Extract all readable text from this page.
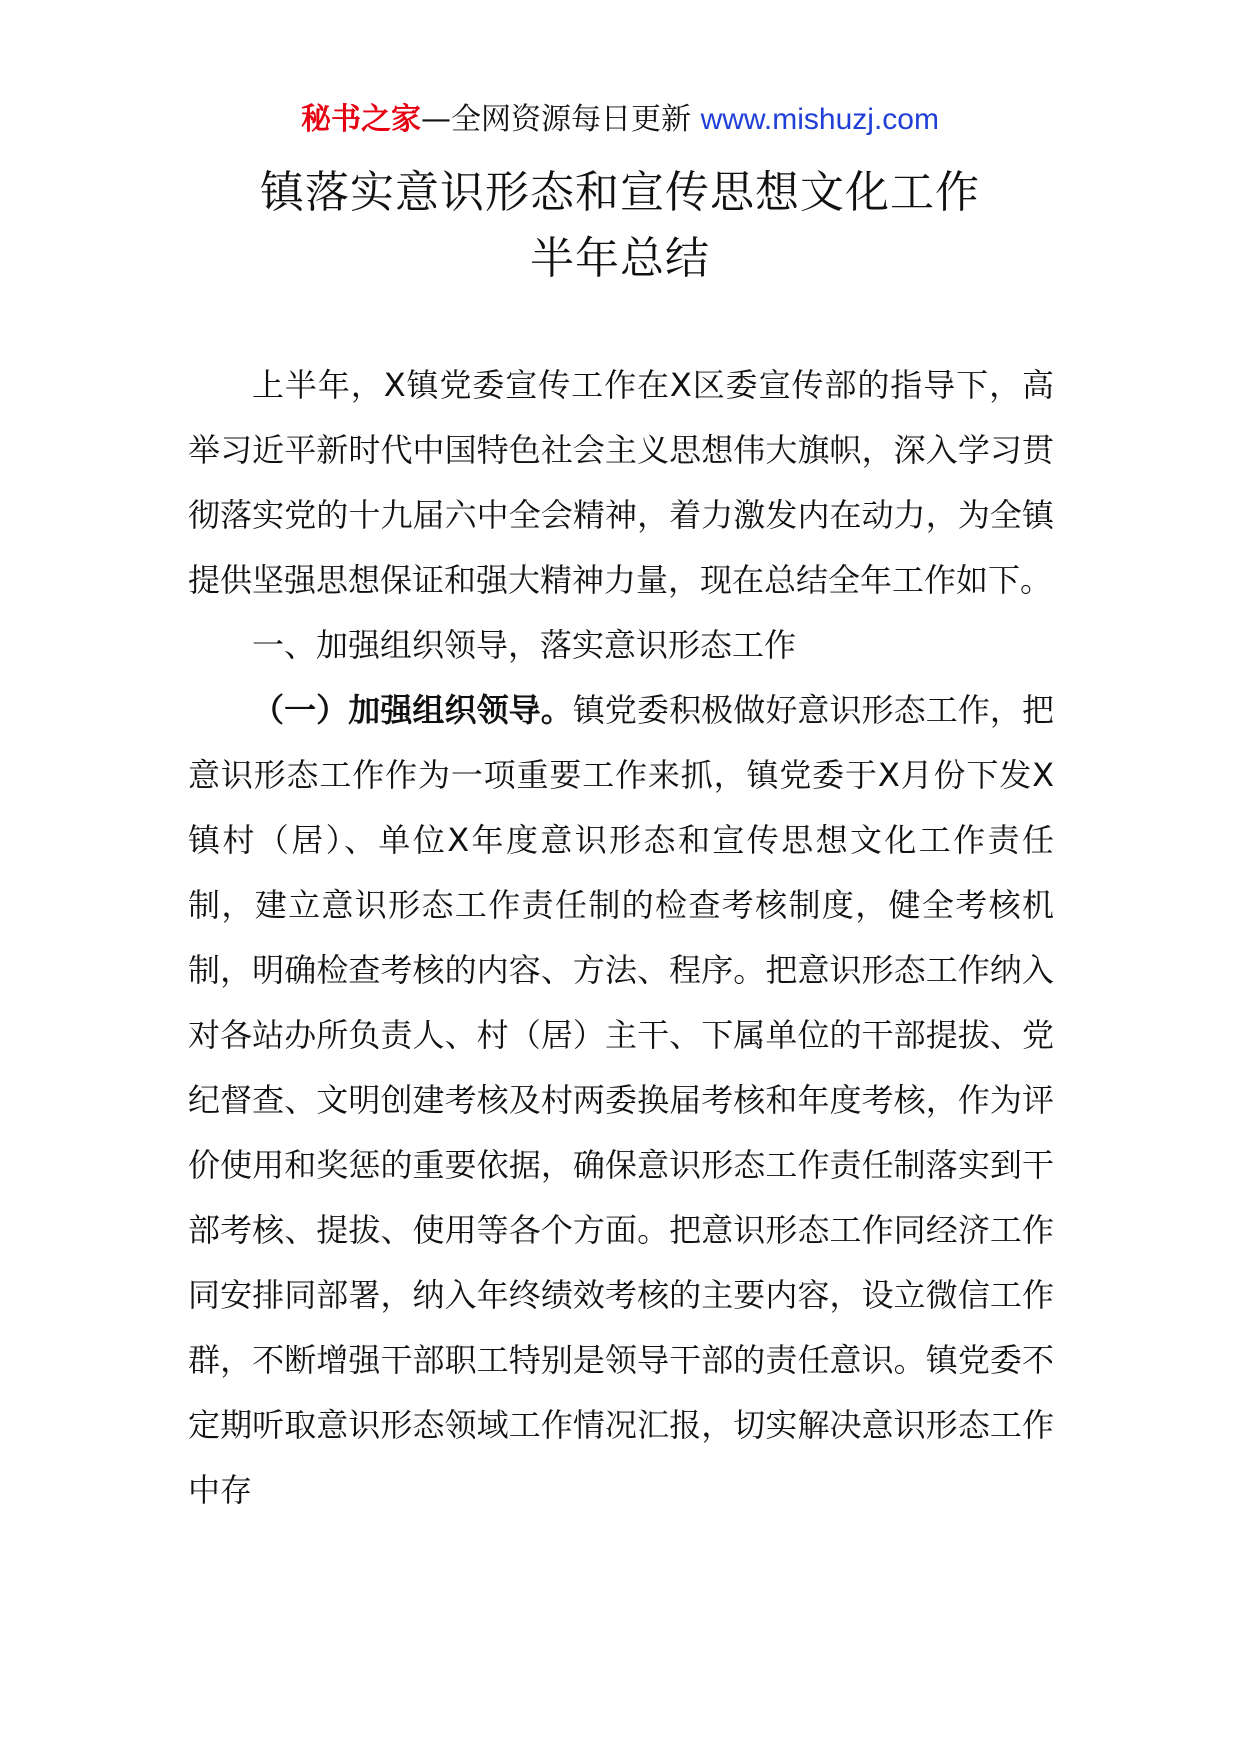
秘书之家—全网资源每日更新 www.mishuzj.com
镇落实意识形态和宣传思想文化工作
半年总结

上半年，X镇党委宣传工作在X区委宣传部的指导下，高举习近平新时代中国特色社会主义思想伟大旗帜，深入学习贯彻落实党的十九届六中全会精神，着力激发内在动力，为全镇提供坚强思想保证和强大精神力量，现在总结全年工作如下。

一、加强组织领导，落实意识形态工作

（一）加强组织领导。镇党委积极做好意识形态工作，把意识形态工作作为一项重要工作来抓，镇党委于X月份下发X镇村（居）、单位X年度意识形态和宣传思想文化工作责任制，建立意识形态工作责任制的检查考核制度，健全考核机制，明确检查考核的内容、方法、程序。把意识形态工作纳入对各站办所负责人、村（居）主干、下属单位的干部提拔、党纪督查、文明创建考核及村两委换届考核和年度考核，作为评价使用和奖惩的重要依据，确保意识形态工作责任制落实到干部考核、提拔、使用等各个方面。把意识形态工作同经济工作同安排同部署，纳入年终绩效考核的主要内容，设立微信工作群，不断增强干部职工特别是领导干部的责任意识。镇党委不定期听取意识形态领域工作情况汇报，切实解决意识形态工作中存
